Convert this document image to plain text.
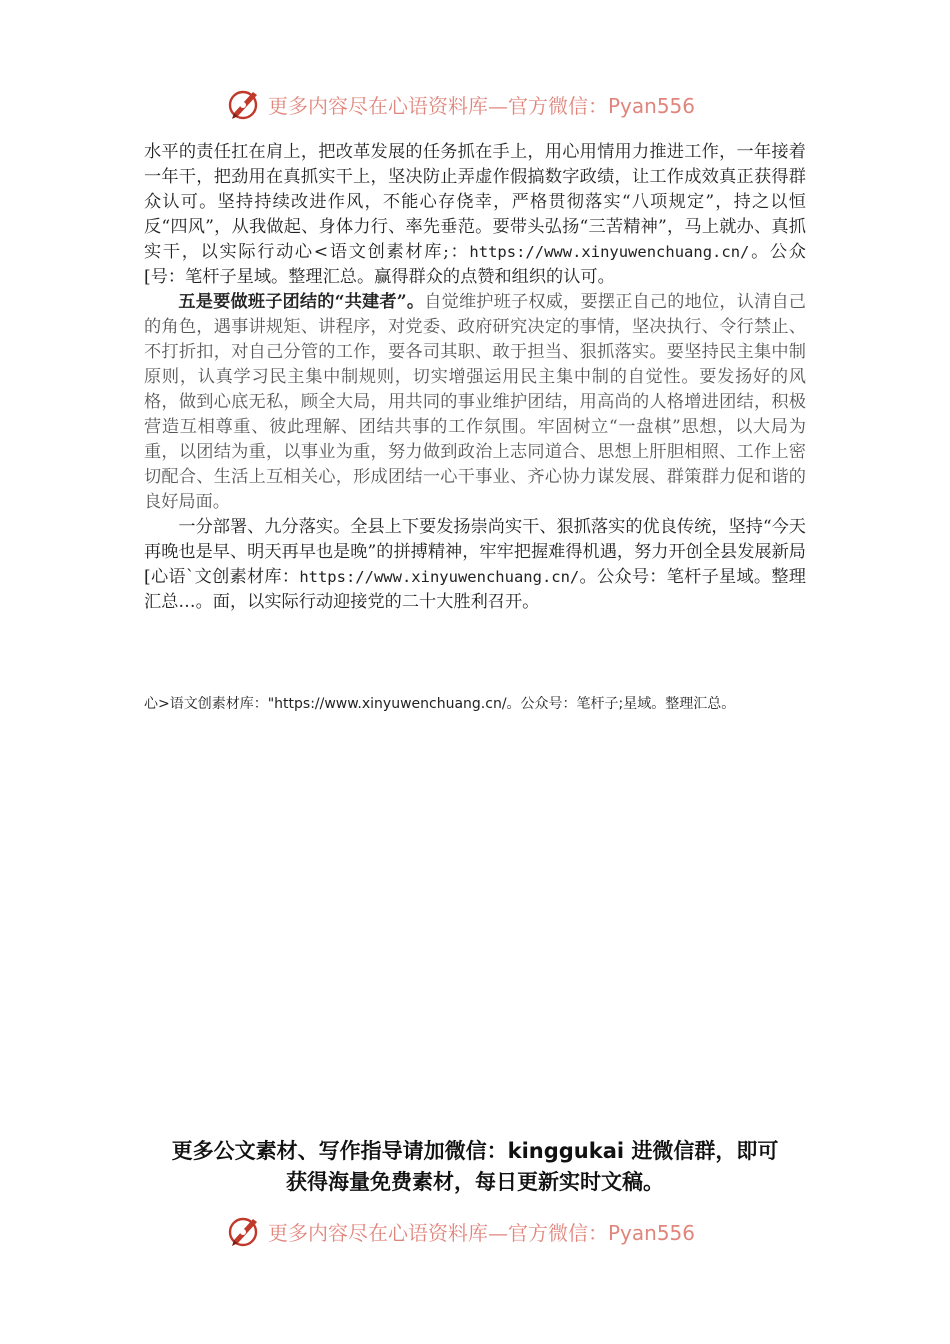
更多内容尽在心语资料库—官方微信：Pyan556

水平的责任扛在肩上，把改革发展的任务抓在手上，用心用情用力推进工作，一年接着一年干，把劲用在真抓实干上，坚决防止弄虚作假搞数字政绩，让工作成效真正获得群众认可。坚持持续改进作风，不能心存侥幸，严格贯彻落实“八项规定”，持之以恒反“四风”，从我做起、身体力行、率先垂范。要带头弘扬“三苦精神”，马上就办、真抓实干，以实际行动心<语文创素材库;：https://www.xinyuwenchuang.cn/。公众[号：笔杆子星域。整理汇总。赢得群众的点赞和组织的认可。

五是要做班子团结的“共建者”。自觉维护班子权威，要摆正自己的地位，认清自己的角色，遇事讲规矩、讲程序，对党委、政府研究决定的事情，坚决执行、令行禁止、不打折扣，对自己分管的工作，要各司其职、敢于担当、狠抓落实。要坚持民主集中制原则，认真学习民主集中制规则，切实增强运用民主集中制的自觉性。要发扬好的风格，做到心底无私，顾全大局，用共同的事业维护团结，用高尚的人格增进团结，积极营造互相尊重、彼此理解、团结共事的工作氛围。牢固树立“一盘棋”思想，以大局为重，以团结为重，以事业为重，努力做到政治上志同道合、思想上肝胆相照、工作上密切配合、生活上互相关心，形成团结一心干事业、齐心协力谋发展、群策群力促和谐的良好局面。

一分部署、九分落实。全县上下要发扬崇尚实干、狠抓落实的优良传统，坚持“今天再晚也是早、明天再早也是晚”的拼搏精神，牢牢把握难得机遇，努力开创全县发展新局[心语`文创素材库：https://www.xinyuwenchuang.cn/。公众号：笔杆子星域。整理汇总…。面，以实际行动迎接党的二十大胜利召开。

心>语文创素材库："https://www.xinyuwenchuang.cn/。公众号：笔杆子;星域。整理汇总。
更多公文素材、写作指导请加微信：kinggukai 进微信群，即可
获得海量免费素材，每日更新实时文稿。
更多内容尽在心语资料库—官方微信：Pyan556
